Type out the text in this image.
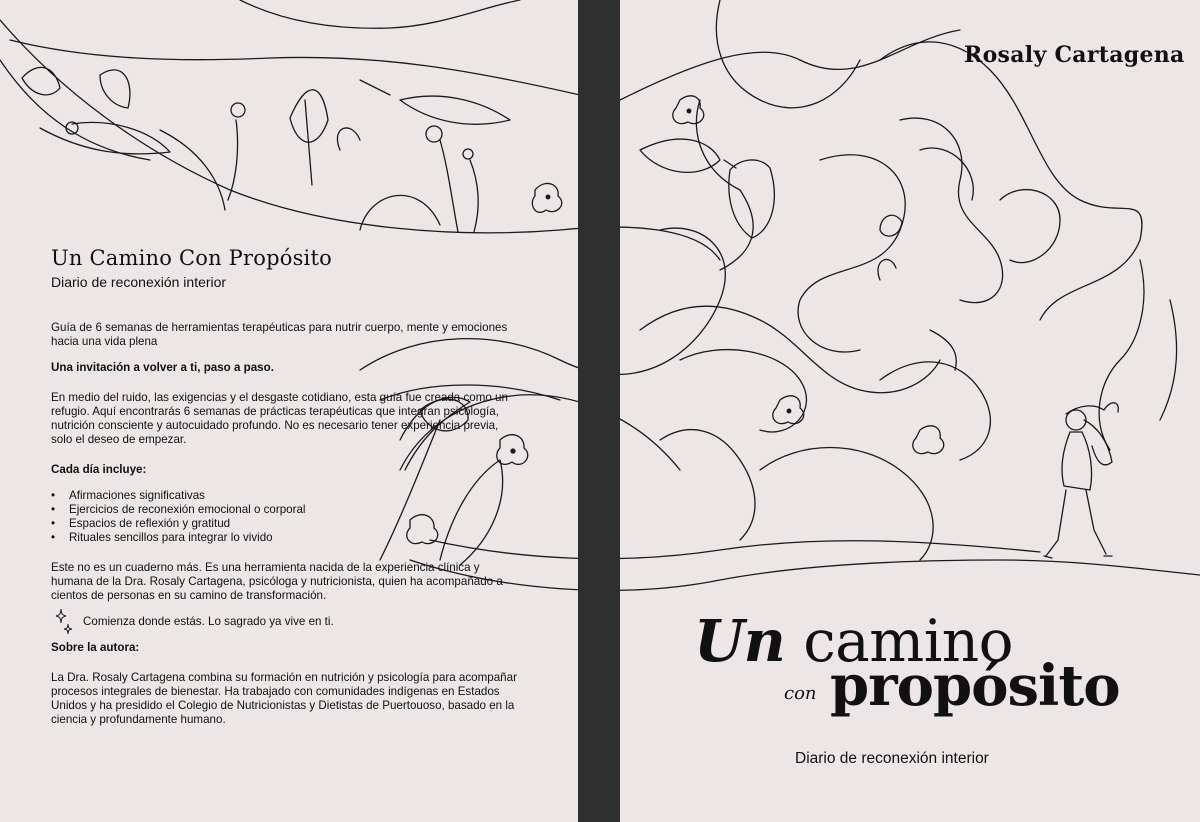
Un Camino Con Propósito
Diario de reconexión interior

Guía de 6 semanas de herramientas terapéuticas para nutrir cuerpo, mente y emociones hacia una vida plena

Una invitación a volver a ti, paso a paso.

En medio del ruido, las exigencias y el desgaste cotidiano, esta guía fue creada como un refugio. Aquí encontrarás 6 semanas de prácticas terapéuticas que integran psicología, nutrición consciente y autocuidado profundo. No es necesario tener experiencia previa, solo el deseo de empezar.

Cada día incluye:

• Afirmaciones significativas
• Ejercicios de reconexión emocional o corporal
• Espacios de reflexión y gratitud
• Rituales sencillos para integrar lo vivido

Este no es un cuaderno más. Es una herramienta nacida de la experiencia clínica y humana de la Dra. Rosaly Cartagena, psicóloga y nutricionista, quien ha acompañado a cientos de personas en su camino de transformación.

Comienza donde estás. Lo sagrado ya vive en ti.

Sobre la autora:

La Dra. Rosaly Cartagena combina su formación en nutrición y psicología para acompañar procesos integrales de bienestar. Ha trabajado con comunidades indígenas en Estados Unidos y ha presidido el Colegio de Nutricionistas y Dietistas de Puertouoso, basado en la ciencia y profundamente humano.

Rosaly Cartagena
Un camino
con propósito
Diario de reconexión interior
